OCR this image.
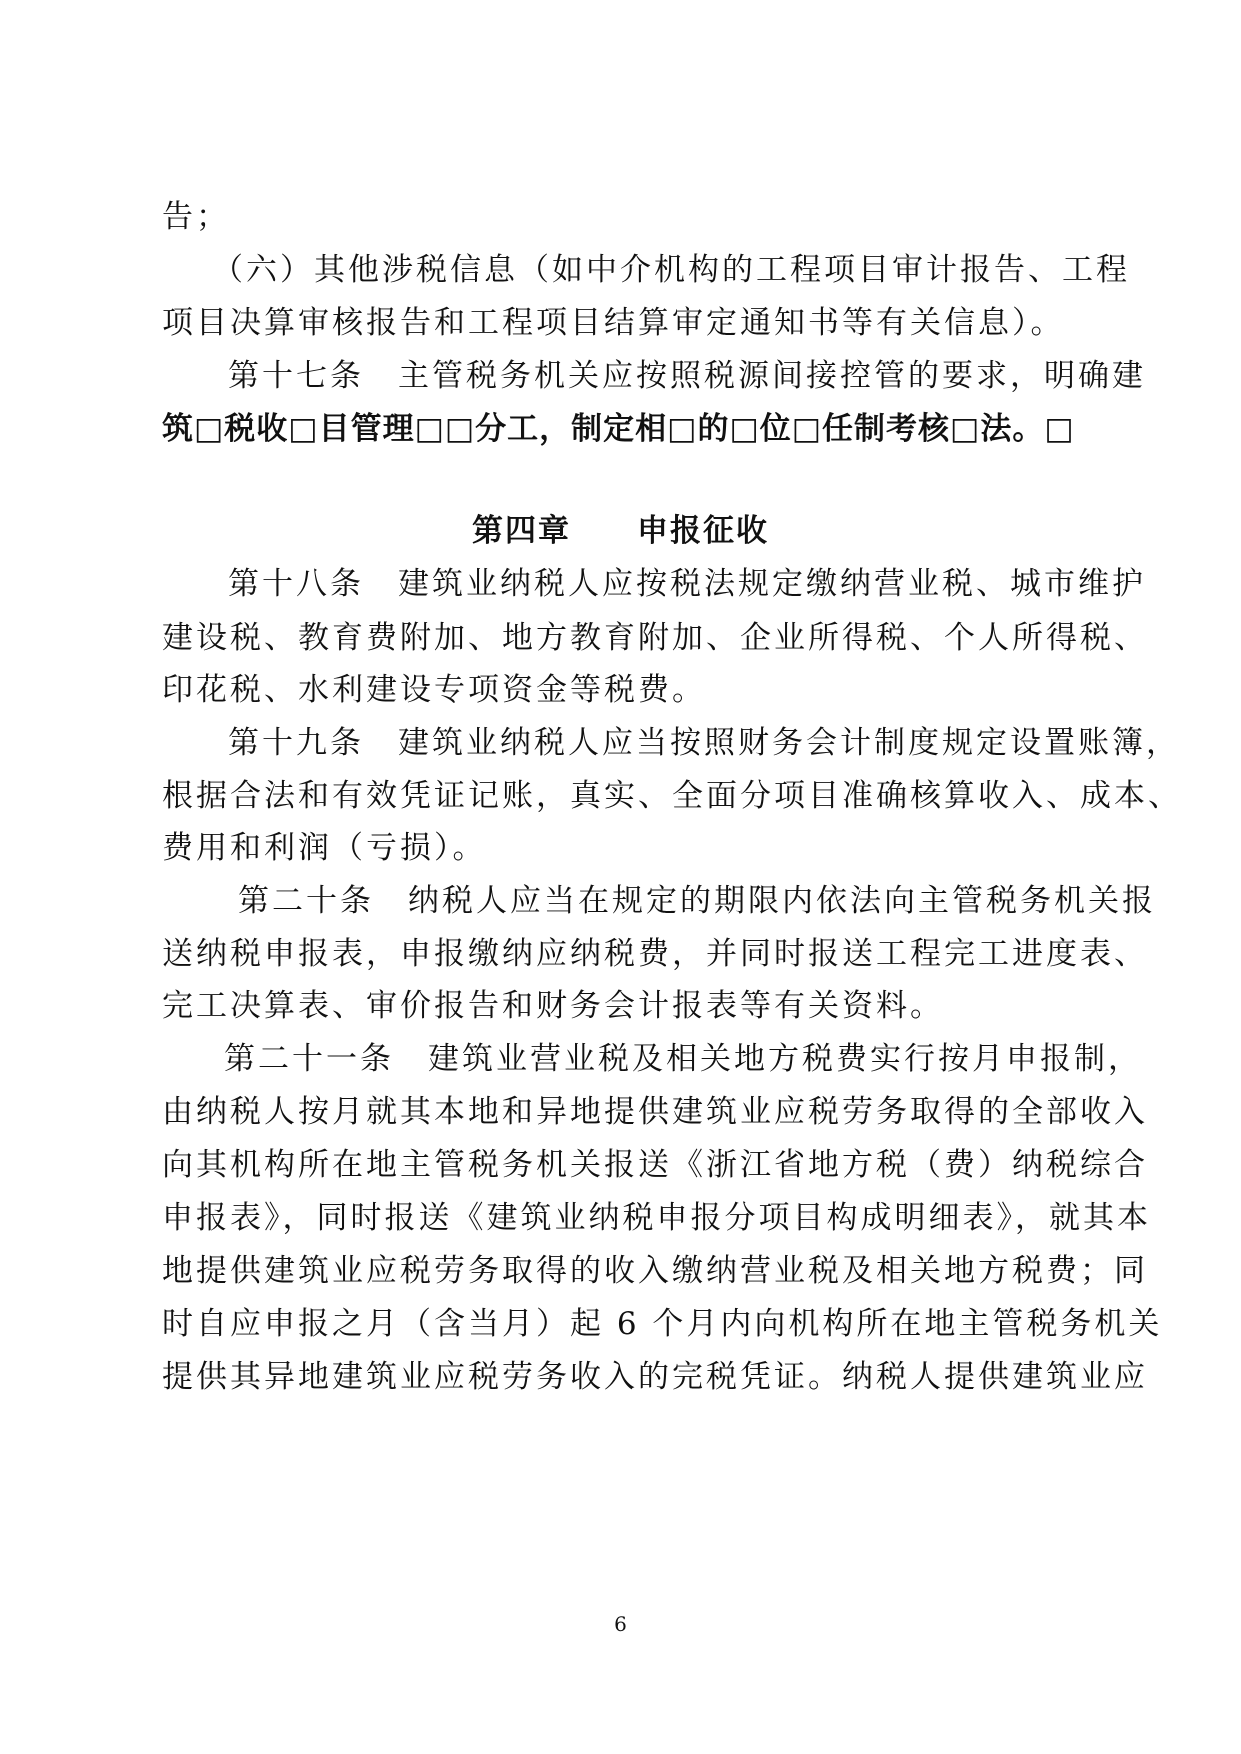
告；
（六）其他涉税信息（如中介机构的工程项目审计报告、工程
项目决算审核报告和工程项目结算审定通知书等有关信息）。
第十七条　主管税务机关应按照税源间接控管的要求，明确建
筑□税收□目管理□□分工，制定相□的□位□任制考核□法。□
第四章　　申报征收
第十八条　建筑业纳税人应按税法规定缴纳营业税、城市维护
建设税、教育费附加、地方教育附加、企业所得税、个人所得税、
印花税、水利建设专项资金等税费。
第十九条　建筑业纳税人应当按照财务会计制度规定设置账簿，
根据合法和有效凭证记账，真实、全面分项目准确核算收入、成本、
费用和利润（亏损）。
第二十条　纳税人应当在规定的期限内依法向主管税务机关报
送纳税申报表，申报缴纳应纳税费，并同时报送工程完工进度表、
完工决算表、审价报告和财务会计报表等有关资料。
第二十一条　建筑业营业税及相关地方税费实行按月申报制，
由纳税人按月就其本地和异地提供建筑业应税劳务取得的全部收入
向其机构所在地主管税务机关报送《浙江省地方税（费）纳税综合
申报表》，同时报送《建筑业纳税申报分项目构成明细表》，就其本
地提供建筑业应税劳务取得的收入缴纳营业税及相关地方税费；同
时自应申报之月（含当月）起 6 个月内向机构所在地主管税务机关
提供其异地建筑业应税劳务收入的完税凭证。纳税人提供建筑业应
6
